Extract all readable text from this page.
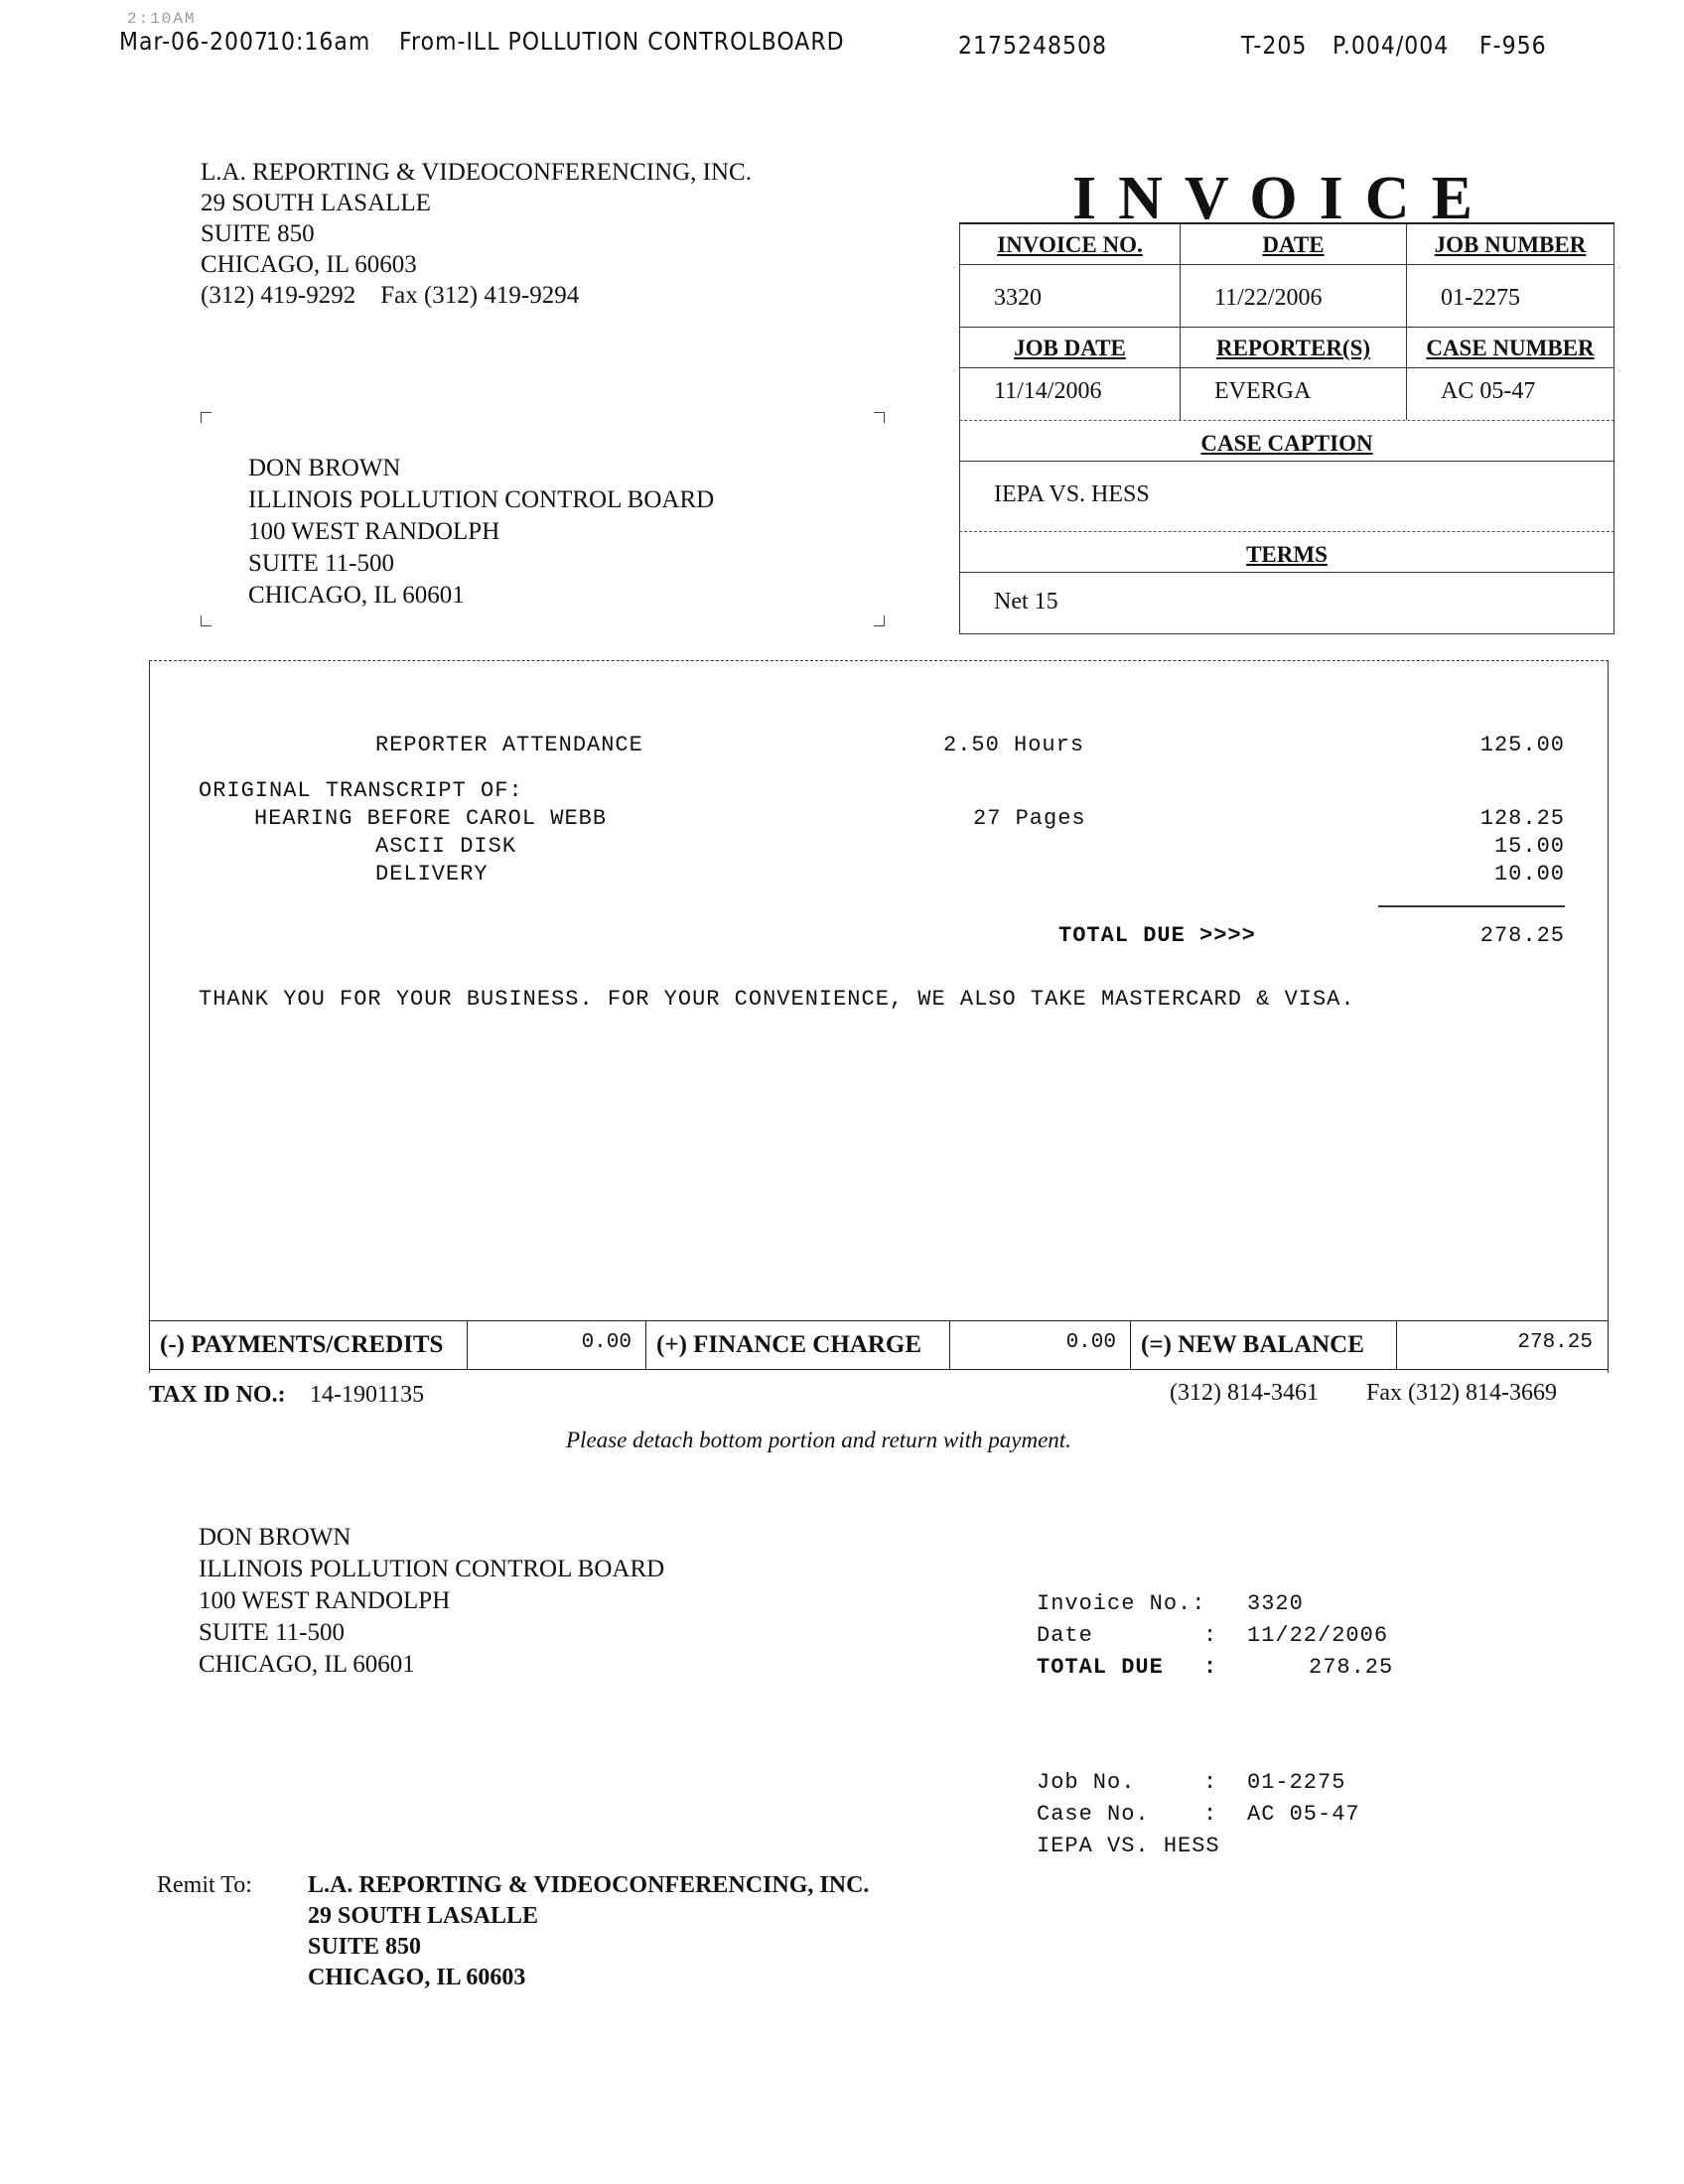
2:10AM
Mar-06-2007
10:16am From-ILL POLLUTION CONTROLBOARD	2175248508	T-205 P.004/004 F-956
L.A. REPORTING & VIDEOCONFERENCING, INC.
29 SOUTH LASALLE
SUITE 850
CHICAGO, IL 60603
(312) 419-9292 Fax (312) 419-9294
INVOICE
INVOICE NO.	DATE	JOB NUMBER
3320	11/22/2006	01-2275
JOB DATE	REPORTER(S)	CASE NUMBER
11/14/2006	EVERGA	AC 05-47
CASE CAPTION
IEPA VS. HESS
TERMS
Net 15
DON BROWN
ILLINOIS POLLUTION CONTROL BOARD
100 WEST RANDOLPH
SUITE 11-500
CHICAGO, IL 60601
REPORTER ATTENDANCE	2.50 Hours	125.00
ORIGINAL TRANSCRIPT OF:
HEARING BEFORE CAROL WEBB	27 Pages	128.25
ASCII DISK	15.00
DELIVERY	10.00
TOTAL DUE >>>>	278.25
THANK YOU FOR YOUR BUSINESS. FOR YOUR CONVENIENCE, WE ALSO TAKE MASTERCARD & VISA.
(-) PAYMENTS/CREDITS	0.00	(+) FINANCE CHARGE	0.00	(=) NEW BALANCE	278.25
TAX ID NO.: 14-1901135	(312) 814-3461 Fax (312) 814-3669
Please detach bottom portion and return with payment.
DON BROWN
ILLINOIS POLLUTION CONTROL BOARD
100 WEST RANDOLPH
SUITE 11-500
CHICAGO, IL 60601
Invoice No.: 3320
Date	: 11/22/2006
TOTAL DUE :	278.25
Job No.	: 01-2275
Case No. : AC 05-47
IEPA VS. HESS
Remit To: L.A. REPORTING & VIDEOCONFERENCING, INC.
29 SOUTH LASALLE
SUITE 850
CHICAGO, IL 60603
